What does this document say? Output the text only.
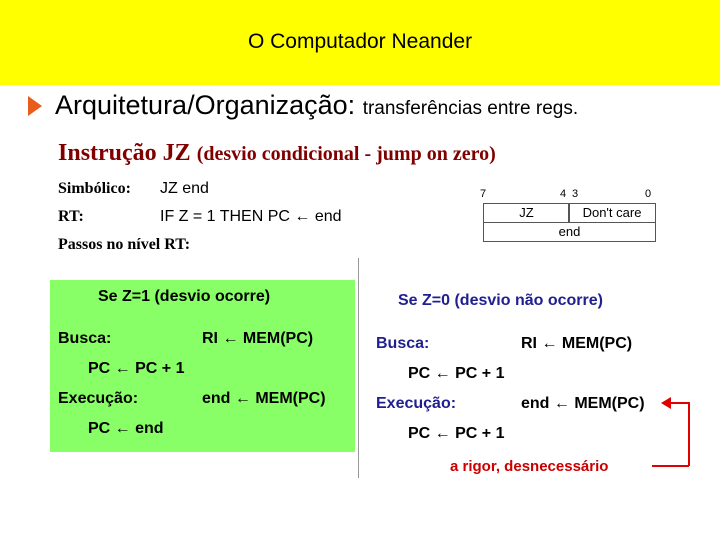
O Computador Neander
Arquitetura/Organização: transferências entre regs.
Instrução JZ (desvio condicional - jump on zero)
Simbólico: JZ end
RT:	IF Z = 1 THEN PC ← end
Passos no nível RT:
7	4 3	0
JZ	Don't care
end
Se Z=1 (desvio ocorre)
Busca:	RI ← MEM(PC)
PC ← PC + 1
Execução:	end ← MEM(PC)
PC ← end
Se Z=0 (desvio não ocorre)
Busca:	RI ← MEM(PC)
PC ← PC + 1
Execução:	end ← MEM(PC)
PC ← PC + 1
a rigor, desnecessário
